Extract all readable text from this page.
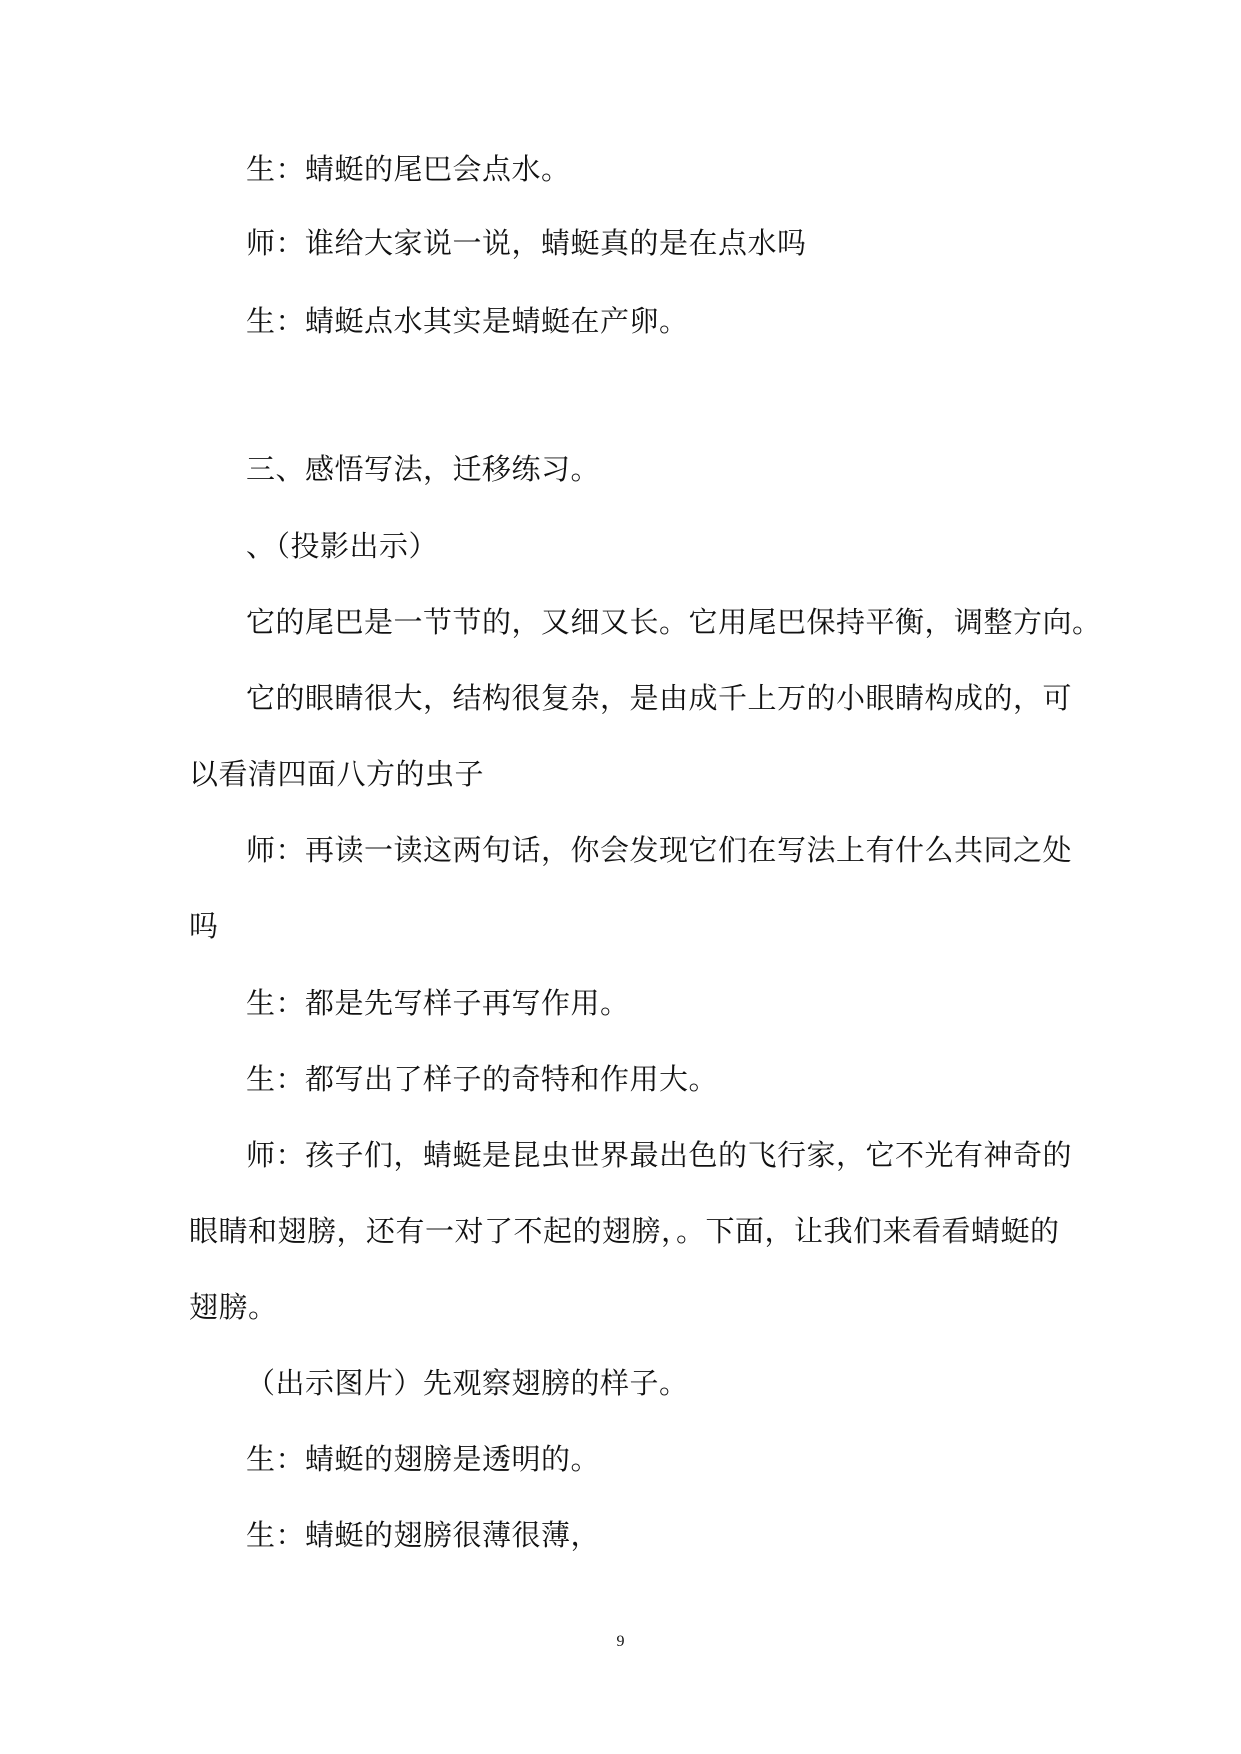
生：蜻蜓的尾巴会点水。
师：谁给大家说一说，蜻蜓真的是在点水吗
生：蜻蜓点水其实是蜻蜓在产卵。
三、感悟写法，迁移练习。
、（投影出示）
它的尾巴是一节节的，又细又长。它用尾巴保持平衡，调整方向。
它的眼睛很大，结构很复杂，是由成千上万的小眼睛构成的，可
以看清四面八方的虫子
师：再读一读这两句话，你会发现它们在写法上有什么共同之处
吗
生：都是先写样子再写作用。
生：都写出了样子的奇特和作用大。
师：孩子们，蜻蜓是昆虫世界最出色的飞行家，它不光有神奇的
眼睛和翅膀，还有一对了不起的翅膀，。下面，让我们来看看蜻蜓的
翅膀。
（出示图片）先观察翅膀的样子。
生：蜻蜓的翅膀是透明的。
生：蜻蜓的翅膀很薄很薄，
9
